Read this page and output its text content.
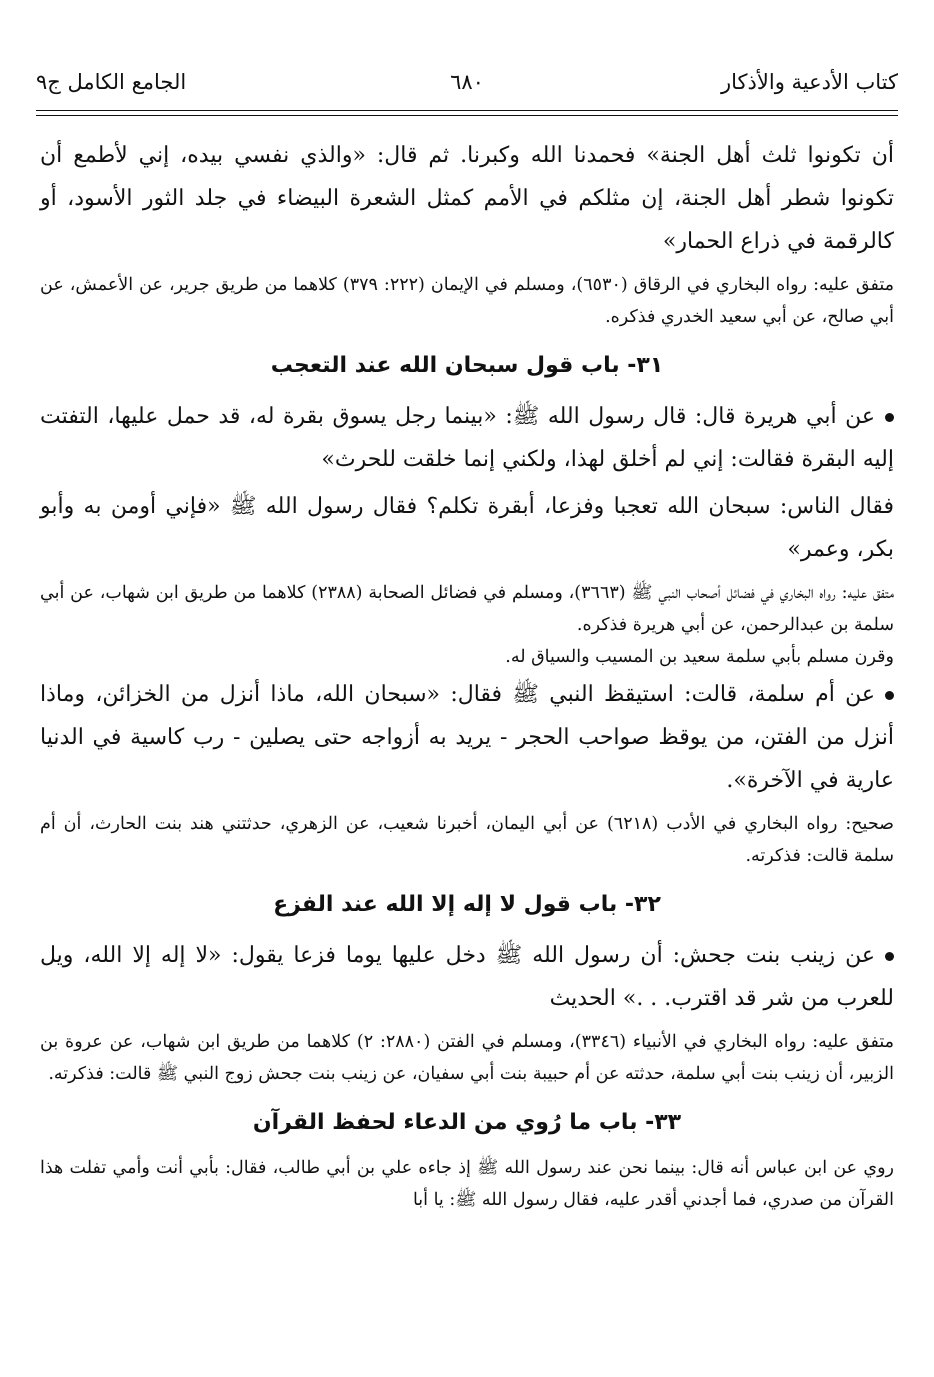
كتاب الأدعية والأذكار
٦٨٠
الجامع الكامل ج٩

أن تكونوا ثلث أهل الجنة» فحمدنا الله وكبرنا. ثم قال: «والذي نفسي بيده، إني لأطمع أن تكونوا شطر أهل الجنة، إن مثلكم في الأمم كمثل الشعرة البيضاء في جلد الثور الأسود، أو كالرقمة في ذراع الحمار»

متفق عليه: رواه البخاري في الرقاق (٦٥٣٠)، ومسلم في الإيمان (٢٢٢: ٣٧٩) كلاهما من طريق جرير، عن الأعمش، عن أبي صالح، عن أبي سعيد الخدري فذكره.

٣١- باب قول سبحان الله عند التعجب

عن أبي هريرة قال: قال رسول الله ﷺ: «بينما رجل يسوق بقرة له، قد حمل عليها، التفتت إليه البقرة فقالت: إني لم أخلق لهذا، ولكني إنما خلقت للحرث»

فقال الناس: سبحان الله تعجبا وفزعا، أبقرة تكلم؟ فقال رسول الله ﷺ «فإني أومن به وأبو بكر، وعمر»

متفق عليه: رواه البخاري في فضائل أصحاب النبي ﷺ (٣٦٦٣)، ومسلم في فضائل الصحابة (٢٣٨٨) كلاهما من طريق ابن شهاب، عن أبي سلمة بن عبدالرحمن، عن أبي هريرة فذكره.

وقرن مسلم بأبي سلمة سعيد بن المسيب والسياق له.

عن أم سلمة، قالت: استيقظ النبي ﷺ فقال: «سبحان الله، ماذا أنزل من الخزائن، وماذا أنزل من الفتن، من يوقظ صواحب الحجر - يريد به أزواجه حتى يصلين - رب كاسية في الدنيا عارية في الآخرة».

صحيح: رواه البخاري في الأدب (٦٢١٨) عن أبي اليمان، أخبرنا شعيب، عن الزهري، حدثتني هند بنت الحارث، أن أم سلمة قالت: فذكرته.

٣٢- باب قول لا إله إلا الله عند الفزع

عن زينب بنت جحش: أن رسول الله ﷺ دخل عليها يوما فزعا يقول: «لا إله إلا الله، ويل للعرب من شر قد اقترب. . .» الحديث

متفق عليه: رواه البخاري في الأنبياء (٣٣٤٦)، ومسلم في الفتن (٢٨٨٠: ٢) كلاهما من طريق ابن شهاب، عن عروة بن الزبير، أن زينب بنت أبي سلمة، حدثته عن أم حبيبة بنت أبي سفيان، عن زينب بنت جحش زوج النبي ﷺ قالت: فذكرته.

٣٣- باب ما رُوي من الدعاء لحفظ القرآن

روي عن ابن عباس أنه قال: بينما نحن عند رسول الله ﷺ إذ جاءه علي بن أبي طالب، فقال: بأبي أنت وأمي تفلت هذا القرآن من صدري، فما أجدني أقدر عليه، فقال رسول الله ﷺ: يا أبا
